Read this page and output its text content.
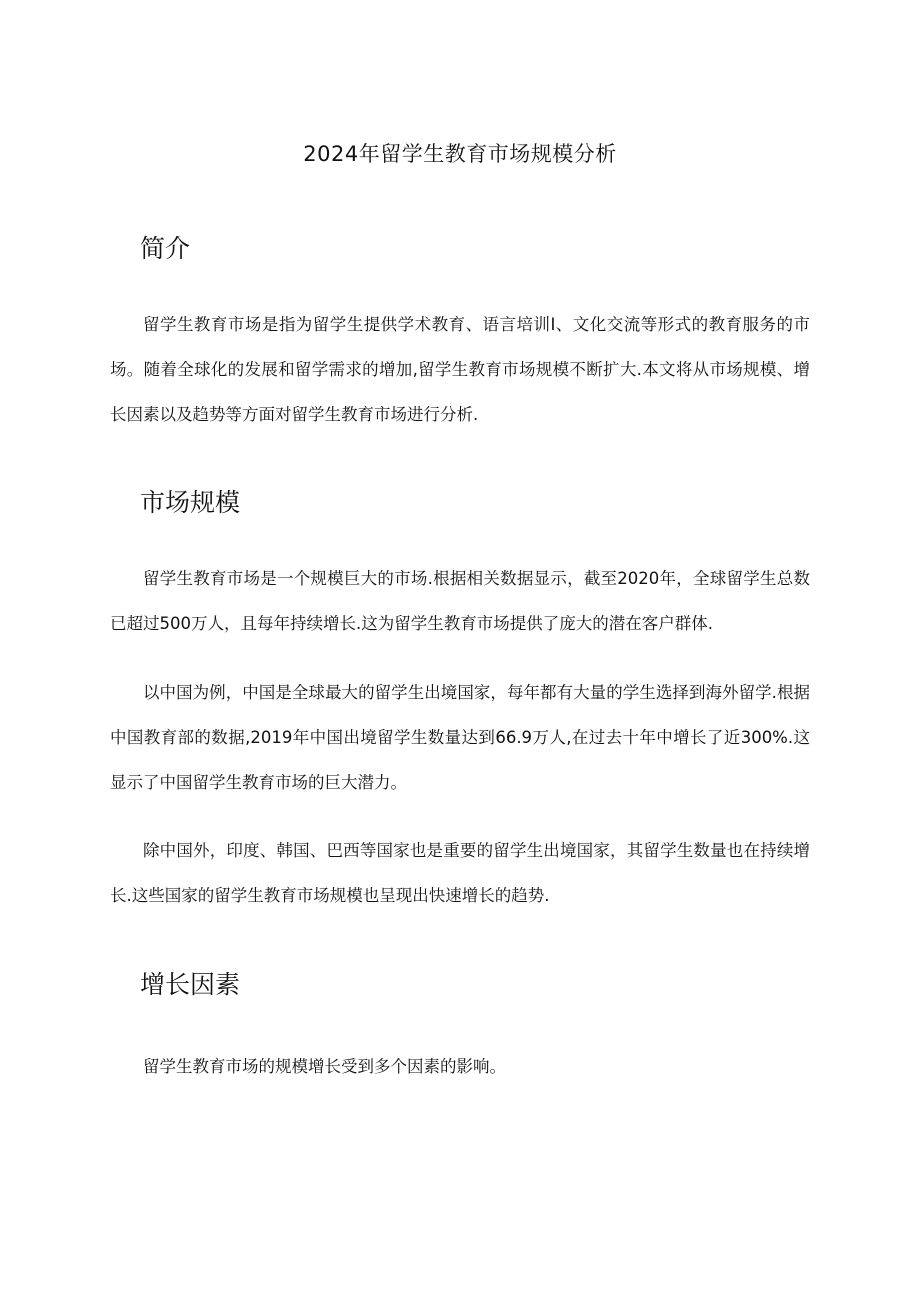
2024年留学生教育市场规模分析
简介

留学生教育市场是指为留学生提供学术教育、语言培训I、文化交流等形式的教育服务的市场。随着全球化的发展和留学需求的增加,留学生教育市场规模不断扩大.本文将从市场规模、增长因素以及趋势等方面对留学生教育市场进行分析.

市场规模

留学生教育市场是一个规模巨大的市场.根据相关数据显示，截至2020年，全球留学生总数已超过500万人，且每年持续增长.这为留学生教育市场提供了庞大的潜在客户群体.

以中国为例，中国是全球最大的留学生出境国家，每年都有大量的学生选择到海外留学.根据中国教育部的数据,2019年中国出境留学生数量达到66.9万人,在过去十年中增长了近300%.这显示了中国留学生教育市场的巨大潜力。

除中国外，印度、韩国、巴西等国家也是重要的留学生出境国家，其留学生数量也在持续增长.这些国家的留学生教育市场规模也呈现出快速增长的趋势.

增长因素

留学生教育市场的规模增长受到多个因素的影响。
